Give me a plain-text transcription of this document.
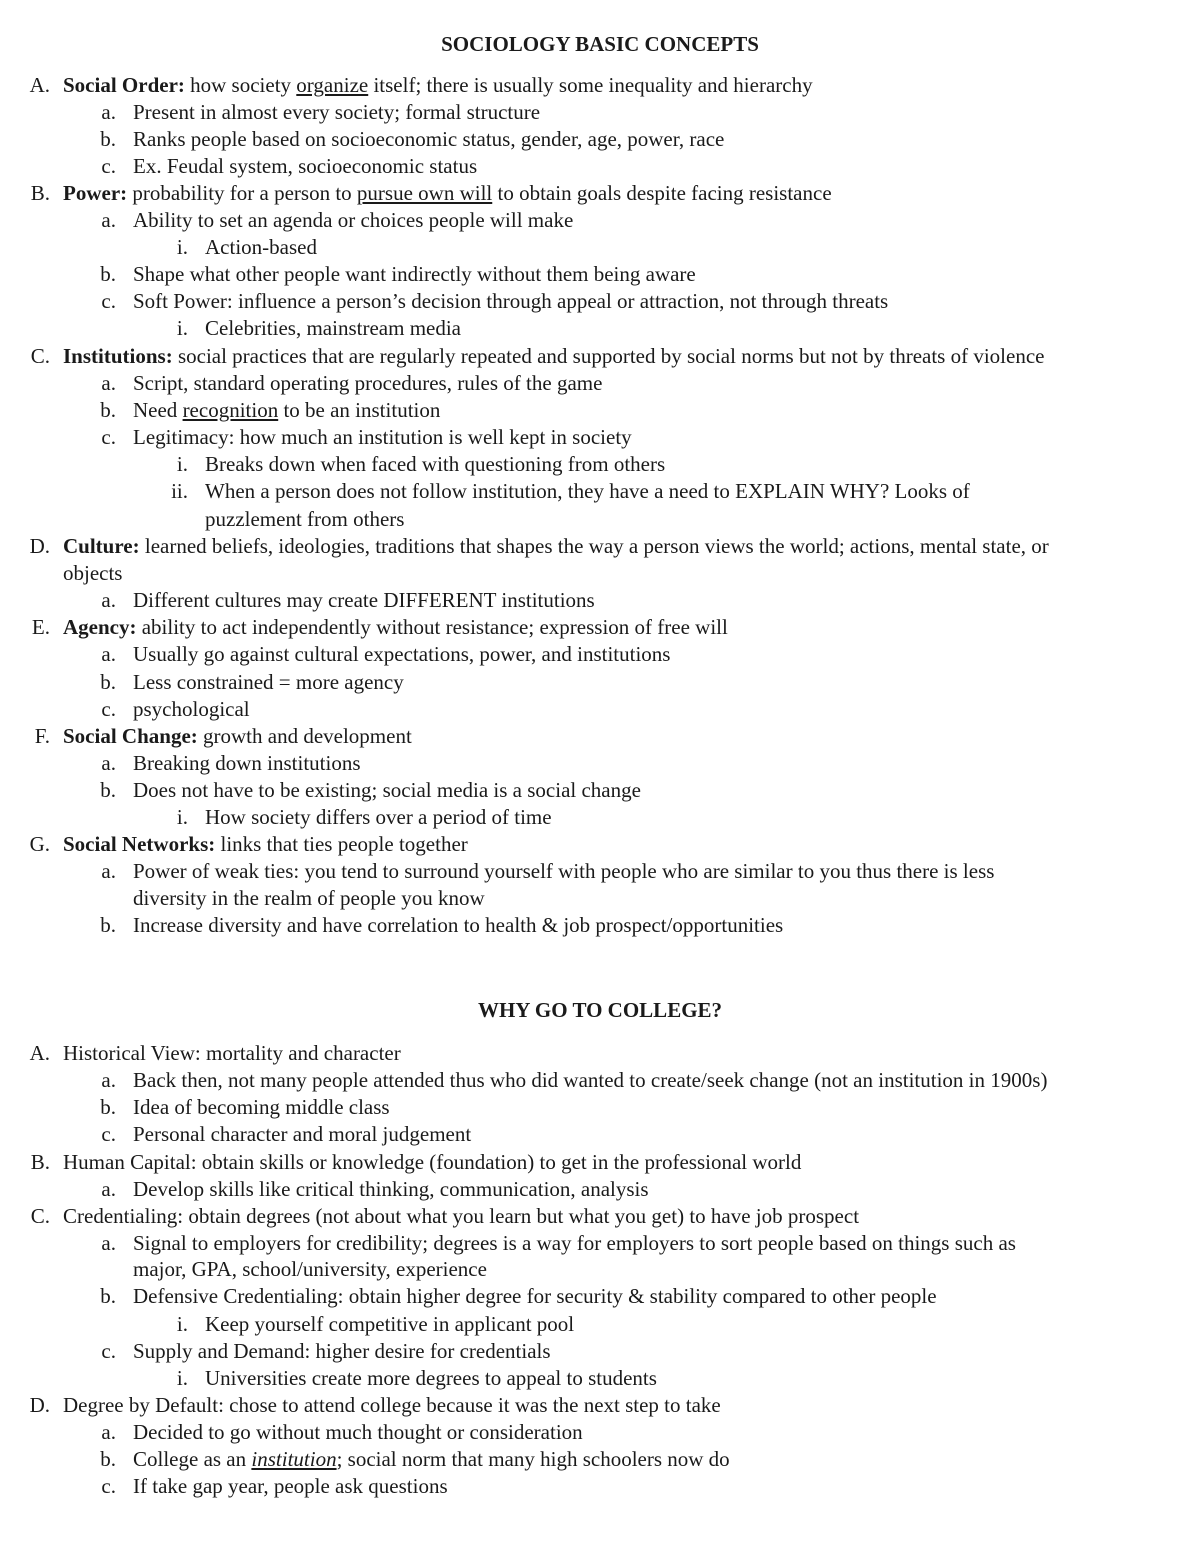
SOCIOLOGY BASIC CONCEPTS
A. Social Order: how society organize itself; there is usually some inequality and hierarchy
a. Present in almost every society; formal structure
b. Ranks people based on socioeconomic status, gender, age, power, race
c. Ex. Feudal system, socioeconomic status
B. Power: probability for a person to pursue own will to obtain goals despite facing resistance
a. Ability to set an agenda or choices people will make
i. Action-based
b. Shape what other people want indirectly without them being aware
c. Soft Power: influence a person’s decision through appeal or attraction, not through threats
i. Celebrities, mainstream media
C. Institutions: social practices that are regularly repeated and supported by social norms but not by threats of violence
a. Script, standard operating procedures, rules of the game
b. Need recognition to be an institution
c. Legitimacy: how much an institution is well kept in society
i. Breaks down when faced with questioning from others
ii. When a person does not follow institution, they have a need to EXPLAIN WHY? Looks of
puzzlement from others
D. Culture: learned beliefs, ideologies, traditions that shapes the way a person views the world; actions, mental state, or
objects
a. Different cultures may create DIFFERENT institutions
E. Agency: ability to act independently without resistance; expression of free will
a. Usually go against cultural expectations, power, and institutions
b. Less constrained = more agency
c. psychological
F. Social Change: growth and development
a. Breaking down institutions
b. Does not have to be existing; social media is a social change
i. How society differs over a period of time
G. Social Networks: links that ties people together
a. Power of weak ties: you tend to surround yourself with people who are similar to you thus there is less
diversity in the realm of people you know
b. Increase diversity and have correlation to health & job prospect/opportunities
WHY GO TO COLLEGE?
A. Historical View: mortality and character
a. Back then, not many people attended thus who did wanted to create/seek change (not an institution in 1900s)
b. Idea of becoming middle class
c. Personal character and moral judgement
B. Human Capital: obtain skills or knowledge (foundation) to get in the professional world
a. Develop skills like critical thinking, communication, analysis
C. Credentialing: obtain degrees (not about what you learn but what you get) to have job prospect
a. Signal to employers for credibility; degrees is a way for employers to sort people based on things such as
major, GPA, school/university, experience
b. Defensive Credentialing: obtain higher degree for security & stability compared to other people
i. Keep yourself competitive in applicant pool
c. Supply and Demand: higher desire for credentials
i. Universities create more degrees to appeal to students
D. Degree by Default: chose to attend college because it was the next step to take
a. Decided to go without much thought or consideration
b. College as an institution; social norm that many high schoolers now do
c. If take gap year, people ask questions
